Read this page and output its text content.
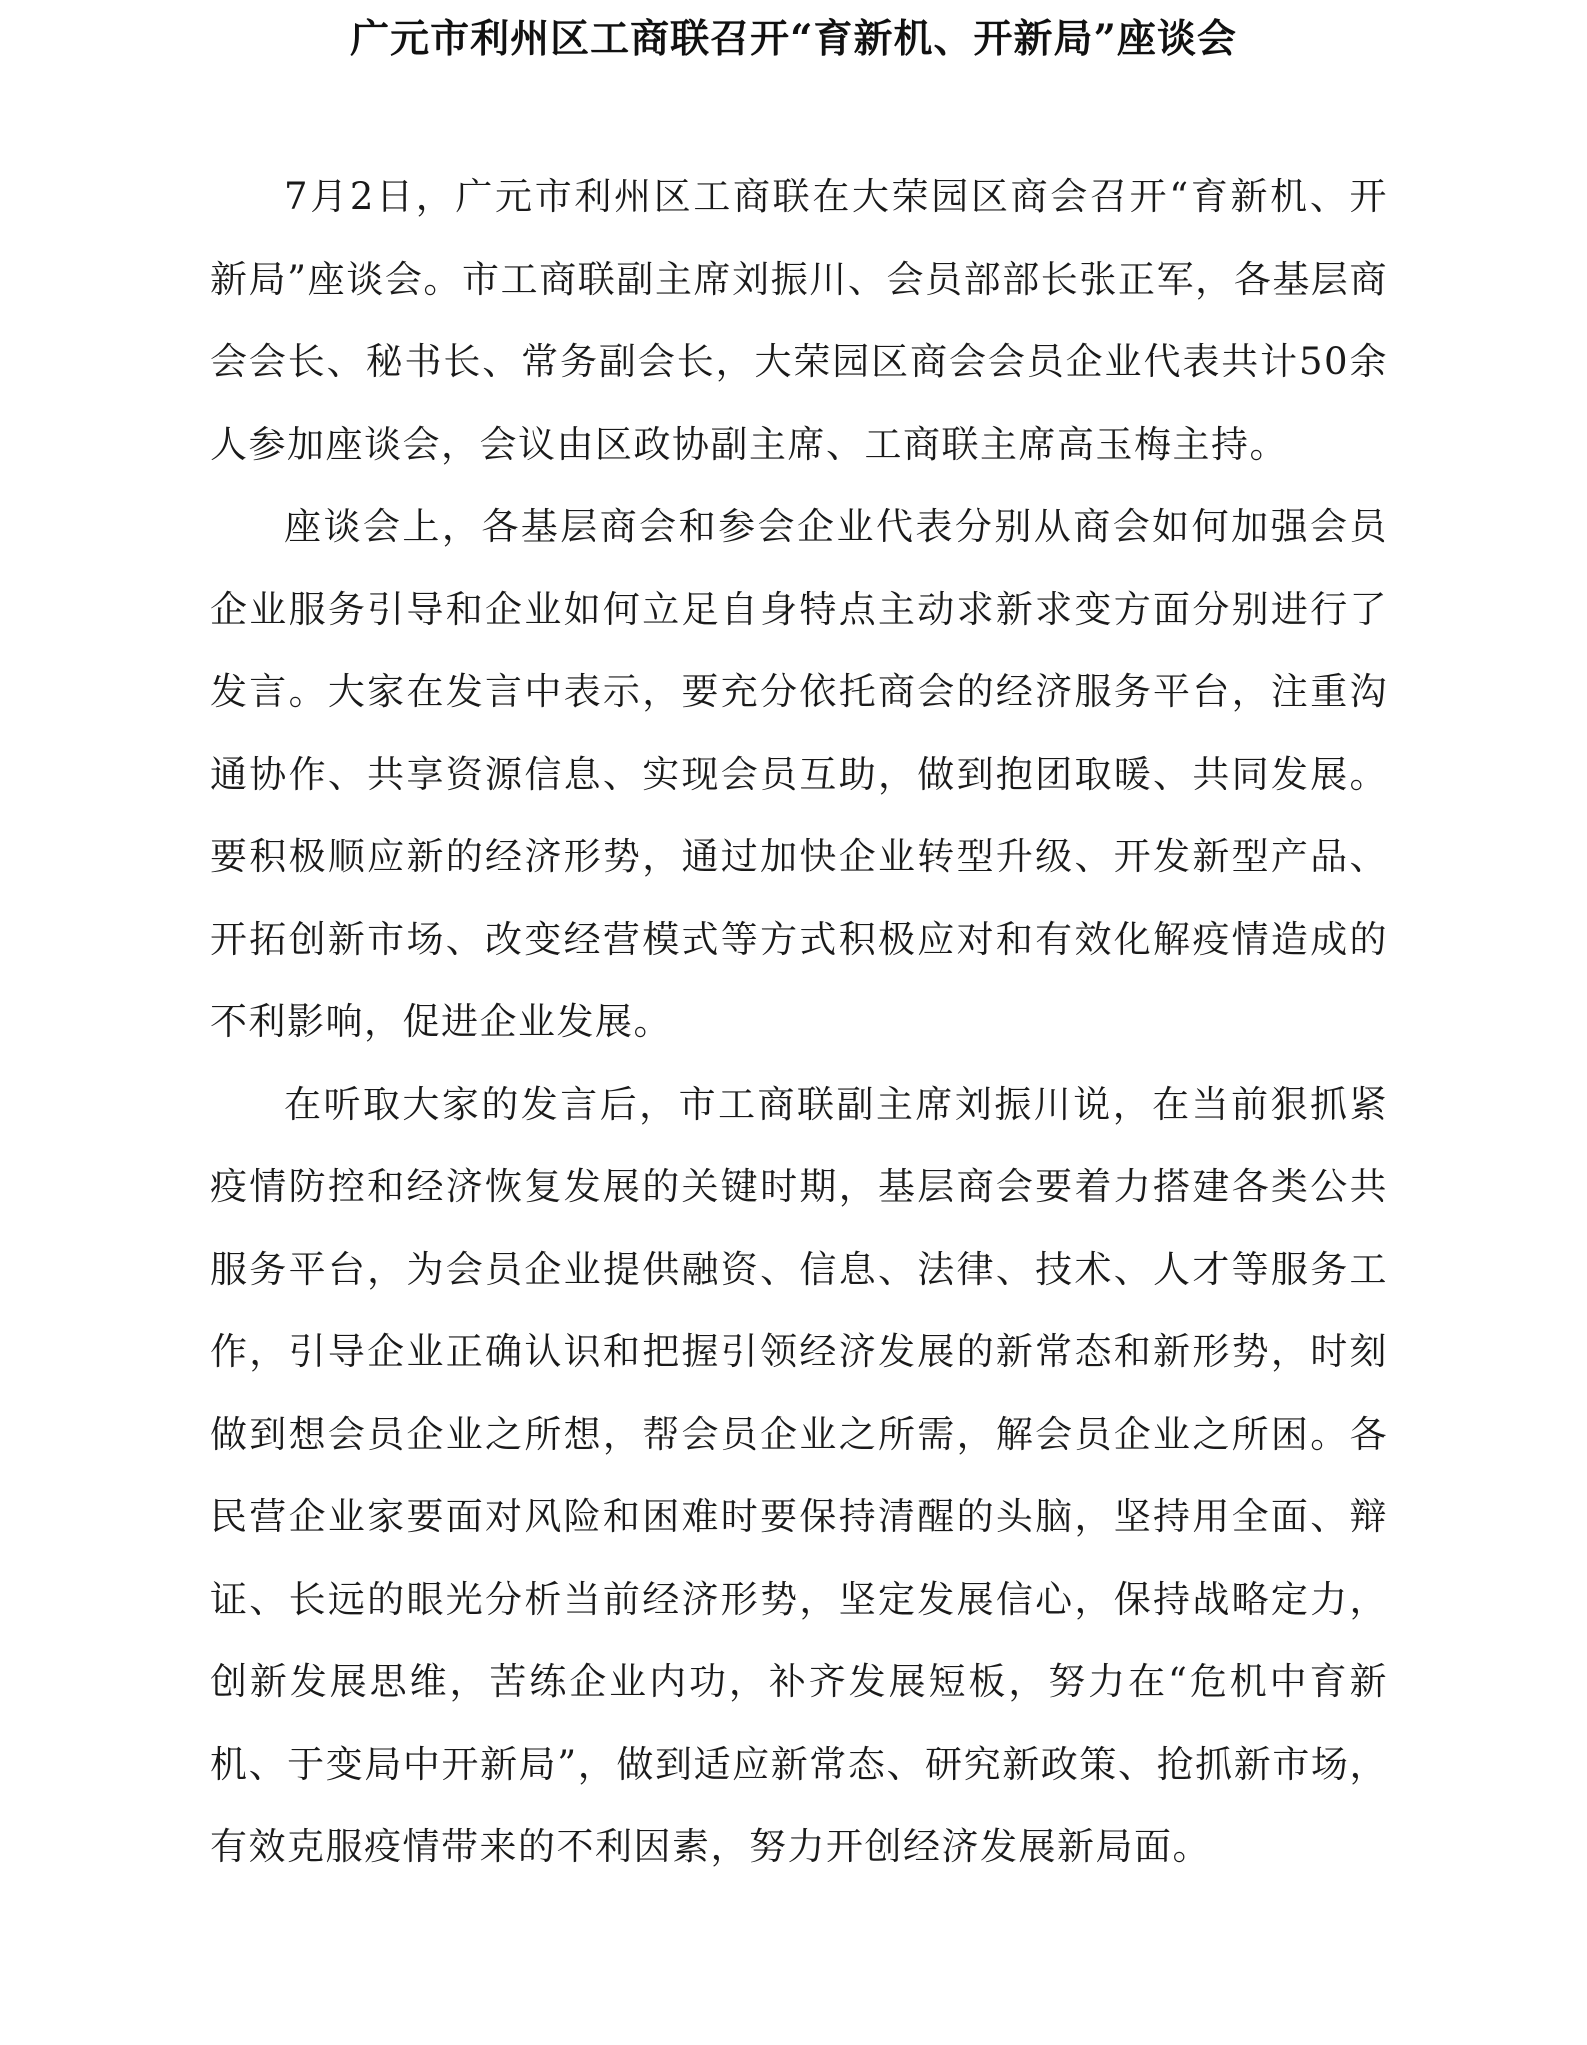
广元市利州区工商联召开“育新机、开新局”座谈会

7月2日，广元市利州区工商联在大荣园区商会召开“育新机、开新局”座谈会。市工商联副主席刘振川、会员部部长张正军，各基层商会会长、秘书长、常务副会长，大荣园区商会会员企业代表共计50余人参加座谈会，会议由区政协副主席、工商联主席高玉梅主持。

座谈会上，各基层商会和参会企业代表分别从商会如何加强会员企业服务引导和企业如何立足自身特点主动求新求变方面分别进行了发言。大家在发言中表示，要充分依托商会的经济服务平台，注重沟通协作、共享资源信息、实现会员互助，做到抱团取暖、共同发展。要积极顺应新的经济形势，通过加快企业转型升级、开发新型产品、开拓创新市场、改变经营模式等方式积极应对和有效化解疫情造成的不利影响，促进企业发展。

在听取大家的发言后，市工商联副主席刘振川说，在当前狠抓紧疫情防控和经济恢复发展的关键时期，基层商会要着力搭建各类公共服务平台，为会员企业提供融资、信息、法律、技术、人才等服务工作，引导企业正确认识和把握引领经济发展的新常态和新形势，时刻做到想会员企业之所想，帮会员企业之所需，解会员企业之所困。各民营企业家要面对风险和困难时要保持清醒的头脑，坚持用全面、辩证、长远的眼光分析当前经济形势，坚定发展信心，保持战略定力，创新发展思维，苦练企业内功，补齐发展短板，努力在“危机中育新机、于变局中开新局”，做到适应新常态、研究新政策、抢抓新市场，有效克服疫情带来的不利因素，努力开创经济发展新局面。
